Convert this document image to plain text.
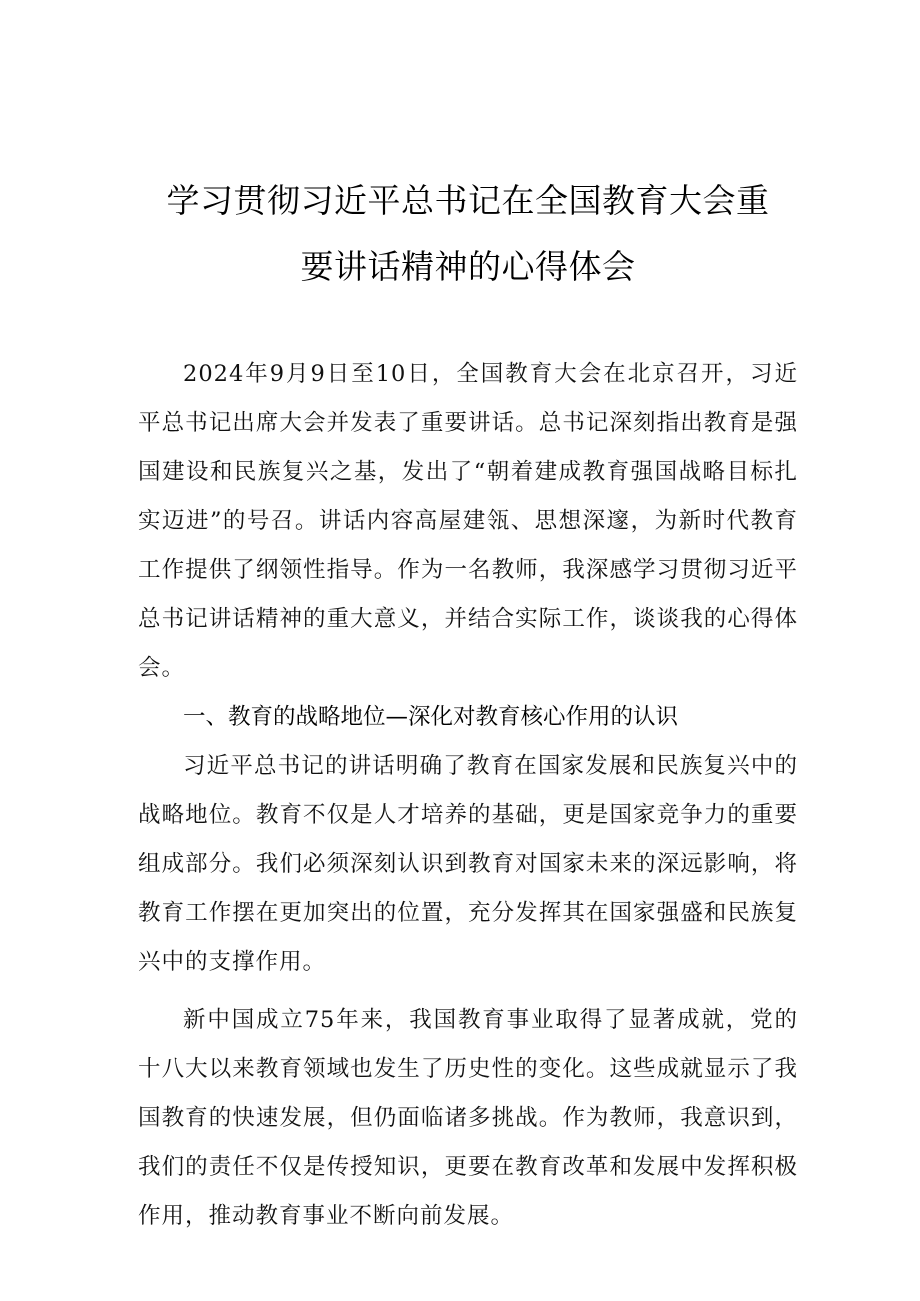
学习贯彻习近平总书记在全国教育大会重
要讲话精神的心得体会

2024年9月9日至10日，全国教育大会在北京召开，习近平总书记出席大会并发表了重要讲话。总书记深刻指出教育是强国建设和民族复兴之基，发出了“朝着建成教育强国战略目标扎实迈进”的号召。讲话内容高屋建瓴、思想深邃，为新时代教育工作提供了纲领性指导。作为一名教师，我深感学习贯彻习近平总书记讲话精神的重大意义，并结合实际工作，谈谈我的心得体会。

一、教育的战略地位—深化对教育核心作用的认识

习近平总书记的讲话明确了教育在国家发展和民族复兴中的战略地位。教育不仅是人才培养的基础，更是国家竞争力的重要组成部分。我们必须深刻认识到教育对国家未来的深远影响，将教育工作摆在更加突出的位置，充分发挥其在国家强盛和民族复兴中的支撑作用。

新中国成立75年来，我国教育事业取得了显著成就，党的十八大以来教育领域也发生了历史性的变化。这些成就显示了我国教育的快速发展，但仍面临诸多挑战。作为教师，我意识到，我们的责任不仅是传授知识，更要在教育改革和发展中发挥积极作用，推动教育事业不断向前发展。
